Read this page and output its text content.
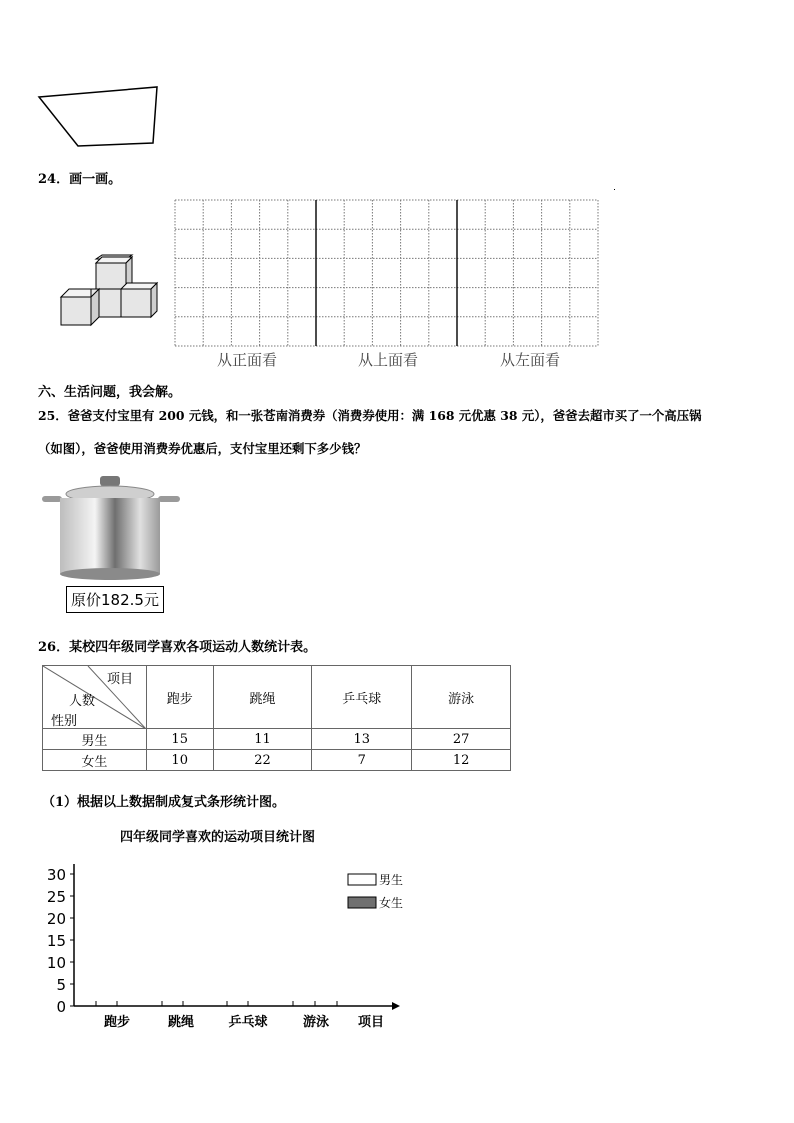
24．画一画。
从正面看	从上面看	从左面看
六、生活问题，我会解。
25．爸爸支付宝里有 200 元钱，和一张苍南消费券（消费券使用：满 168 元优惠 38 元），爸爸去超市买了一个高压锅
（如图），爸爸使用消费券优惠后，支付宝里还剩下多少钱？
原价182.5元
26．某校四年级同学喜欢各项运动人数统计表。
项目
人数
性别	跑步	跳绳	乒乓球	游泳
男生	15	11	13	27
女生	10	22	7	12
（1）根据以上数据制成复式条形统计图。
四年级同学喜欢的运动项目统计图
0
5
10
15
20
25
30
跑步	跳绳	乒乓球	游泳 项目
男生
女生
